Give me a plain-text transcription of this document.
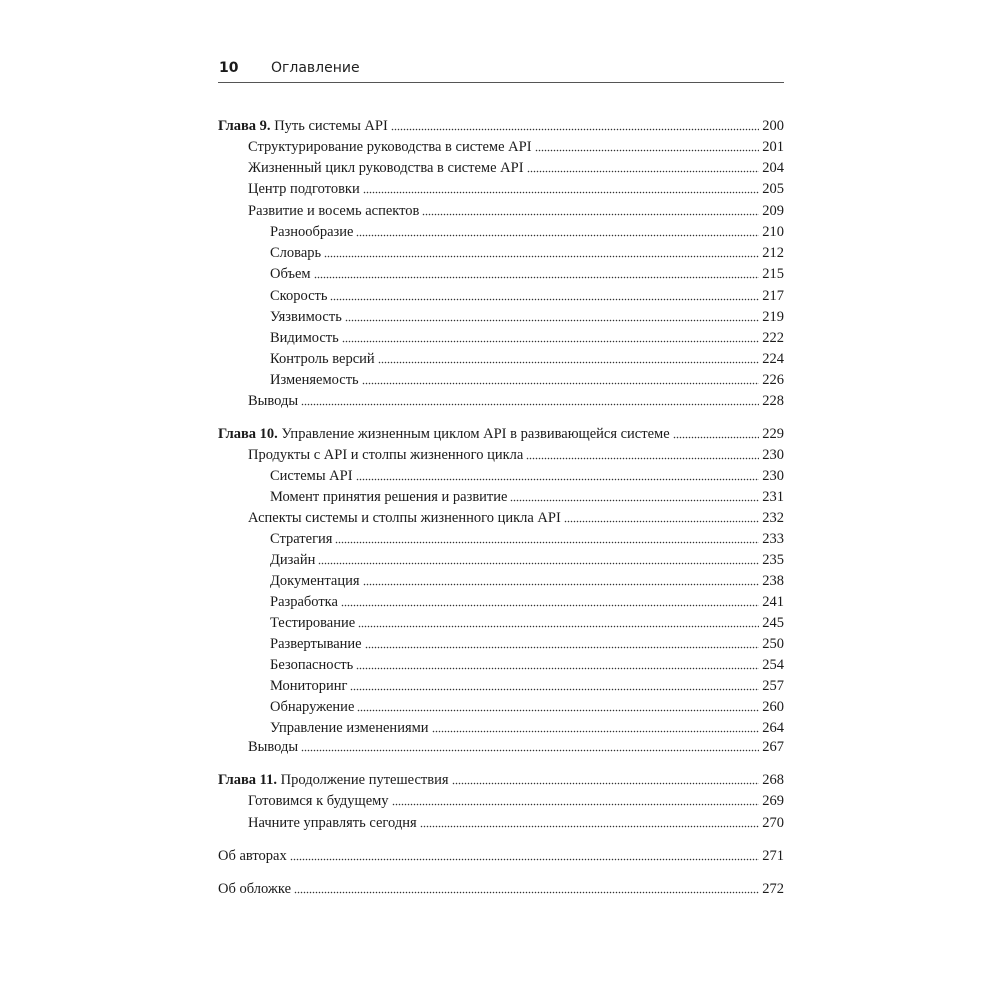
10 Оглавление
Глава 9. Путь системы API	200
Структурирование руководства в системе API	201
Жизненный цикл руководства в системе API	204
Центр подготовки	205
Развитие и восемь аспектов	209
Разнообразие	210
Словарь	212
Объем	215
Скорость	217
Уязвимость	219
Видимость	222
Контроль версий	224
Изменяемость	226
Выводы	228
Глава 10. Управление жизненным циклом API в развивающейся системе	229
Продукты с API и столпы жизненного цикла	230
Системы API	230
Момент принятия решения и развитие	231
Аспекты системы и столпы жизненного цикла API	232
Стратегия	233
Дизайн	235
Документация	238
Разработка	241
Тестирование	245
Развертывание	250
Безопасность	254
Мониторинг	257
Обнаружение	260
Управление изменениями	264
Выводы	267
Глава 11. Продолжение путешествия	268
Готовимся к будущему	269
Начните управлять сегодня	270
Об авторах	271
Об обложке	272
